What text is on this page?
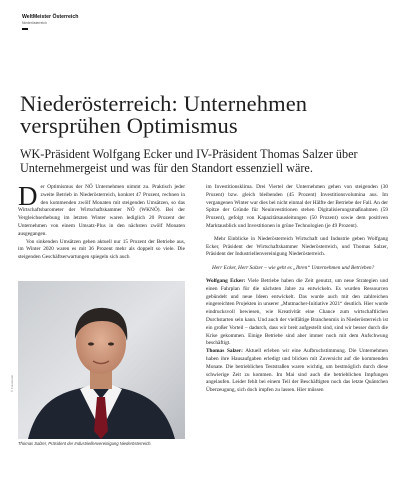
WeltMeister Österreich
Niederösterreich
Niederösterreich: Unternehmen versprühen Optimismus
WK-Präsident Wolfgang Ecker und IV-Präsident Thomas Salzer über Unternehmergeist und was für den Standort essenziell wäre.

Der Optimismus der NÖ Unternehmen nimmt zu. Praktisch jeder zweite Betrieb in Niederösterreich, konkret 47 Prozent, rechnen in den kommenden zwölf Monaten mit steigenden Umsätzen, so das Wirtschaftsbarometer der Wirtschaftskammer NÖ (WKNÖ). Bei der Vergleichserhebung im letzten Winter waren lediglich 20 Prozent der Unternehmen von einem Umsatz-Plus in den nächsten zwölf Monaten ausgegangen.

Von sinkenden Umsätzen gehen aktuell nur 15 Prozent der Betriebe aus, im Winter 2020 waren es mit 36 Prozent mehr als doppelt so viele. Die steigenden Geschäftserwartungen spiegeln sich auch

© Fotostudio
Thomas Salzer, Präsident der Industriellenvereinigung Niederösterreich.

im Investitionsklima. Drei Viertel der Unternehmen gehen von steigenden (30 Prozent) bzw. gleich bleibenden (45 Prozent) Investitionsvolumina aus. Im vergangenen Winter war dies bei nicht einmal der Hälfte der Betriebe der Fall. An der Spitze der Gründe für Neuinvestitionen stehen Digitalisierungsmaßnahmen (59 Prozent), gefolgt von Kapazitätsausleitungen (50 Prozent) sowie dem positiven Marktausblick und Investitionen in grüne Technologien (je 49 Prozent).

Mehr Einblicke in Niederösterreich Wirtschaft und Industrie geben Wolfgang Ecker, Präsident der Wirtschaftskammer Niederösterreich, und Thomas Salzer, Präsident der Industriellenvereinigung Niederösterreich.

Herr Ecker, Herr Salzer – wie geht es „Ihren“ Unternehmen und Betrieben?

Wolfgang Ecker: Viele Betriebe haben die Zeit genutzt, um neue Strategien und einen Fahrplan für die nächsten Jahre zu entwickeln. Es wurden Ressourcen gebündelt und neue Ideen entwickelt. Das wurde auch mit den zahlreichen eingereichten Projekten in unserer „Mutmacher-Initiative 2021“ deutlich. Hier wurde eindrucksvoll bewiesen, wie Kreativität eine Chance zum wirtschaftlichen Durchstarten sein kann. Und auch der vielfältige Branchenmix in Niederösterreich ist ein großer Vorteil – dadurch, dass wir breit aufgestellt sind, sind wir besser durch die Krise gekommen. Einige Betriebe sind aber immer noch mit dem Aufschwung beschäftigt.

Thomas Salzer: Aktuell erleben wir eine Aufbruchstimmung. Die Unternehmen haben ihre Hausaufgaben erledigt und blicken mit Zuversicht auf die kommenden Monate. Die betrieblichen Teststraßen waren wichtig, um bestmöglich durch diese schwierige Zeit zu kommen. Im Mai sind auch die betrieblichen Impfungen angelaufen. Leider fehlt bei einem Teil der Beschäftigten noch das letzte Quäntchen Überzeugung, sich doch impfen zu lassen. Hier müssen
